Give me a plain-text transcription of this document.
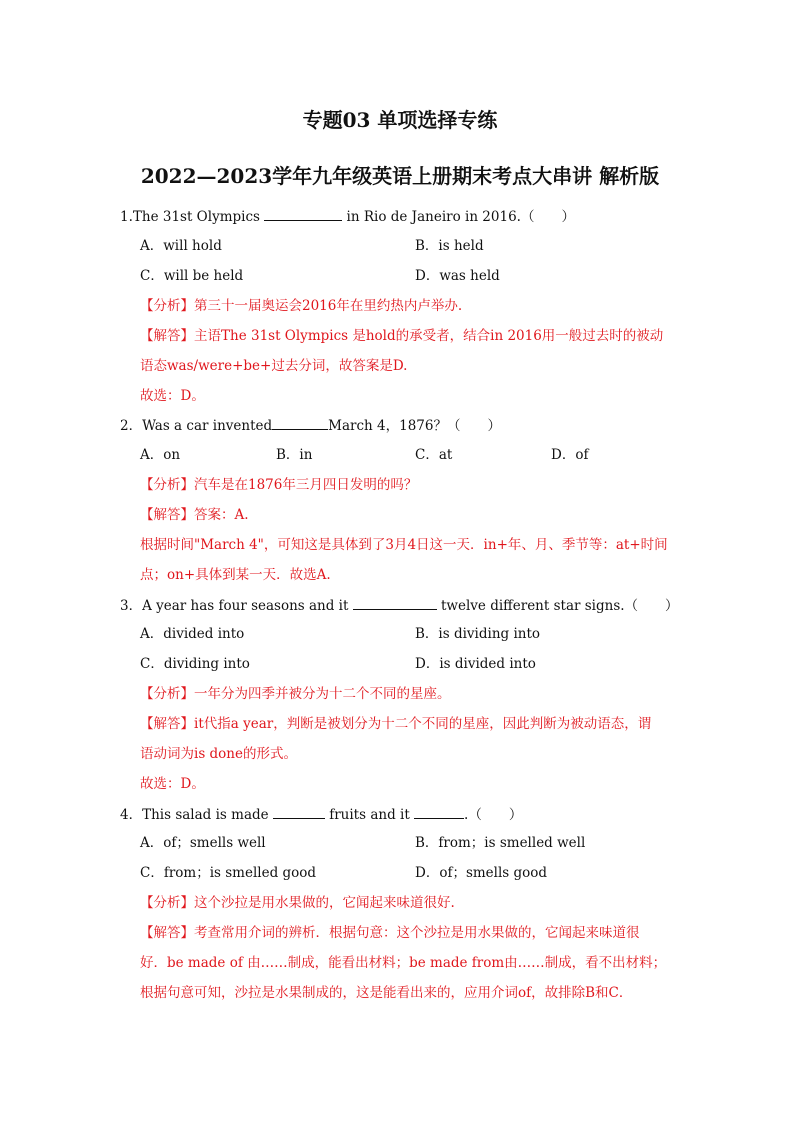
专题03 单项选择专练
2022—2023学年九年级英语上册期末考点大串讲 解析版
1.The 31st Olympics	in Rio de Janeiro in 2016.（　　）
A．will hold	B．is held
C．will be held	D．was held
【分析】第三十一届奥运会2016年在里约热内卢举办.
【解答】主语The 31st Olympics 是hold的承受者，结合in 2016用一般过去时的被动
语态was/were+be+过去分词，故答案是D.
故选：D。
2．Was a car invented	March 4，1876？（　　）
A．on	B．in	C．at	D．of
【分析】汽车是在1876年三月四日发明的吗？
【解答】答案：A.
根据时间"March 4"，可知这是具体到了3月4日这一天．in+年、月、季节等：at+时间
点；on+具体到某一天．故选A.
3．A year has four seasons and it	twelve different star signs.（　　）
A．divided into	B．is dividing into
C．dividing into	D．is divided into
【分析】一年分为四季并被分为十二个不同的星座。
【解答】it代指a year，判断是被划分为十二个不同的星座，因此判断为被动语态，谓
语动词为is done的形式。
故选：D。
4．This salad is made	fruits and it	.（　　）
A．of；smells well	B．from；is smelled well
C．from；is smelled good	D．of；smells good
【分析】这个沙拉是用水果做的，它闻起来味道很好.
【解答】考查常用介词的辨析．根据句意：这个沙拉是用水果做的，它闻起来味道很
好．be made of 由……制成，能看出材料；be made from由……制成，看不出材料；
根据句意可知，沙拉是水果制成的，这是能看出来的，应用介词of，故排除B和C．
